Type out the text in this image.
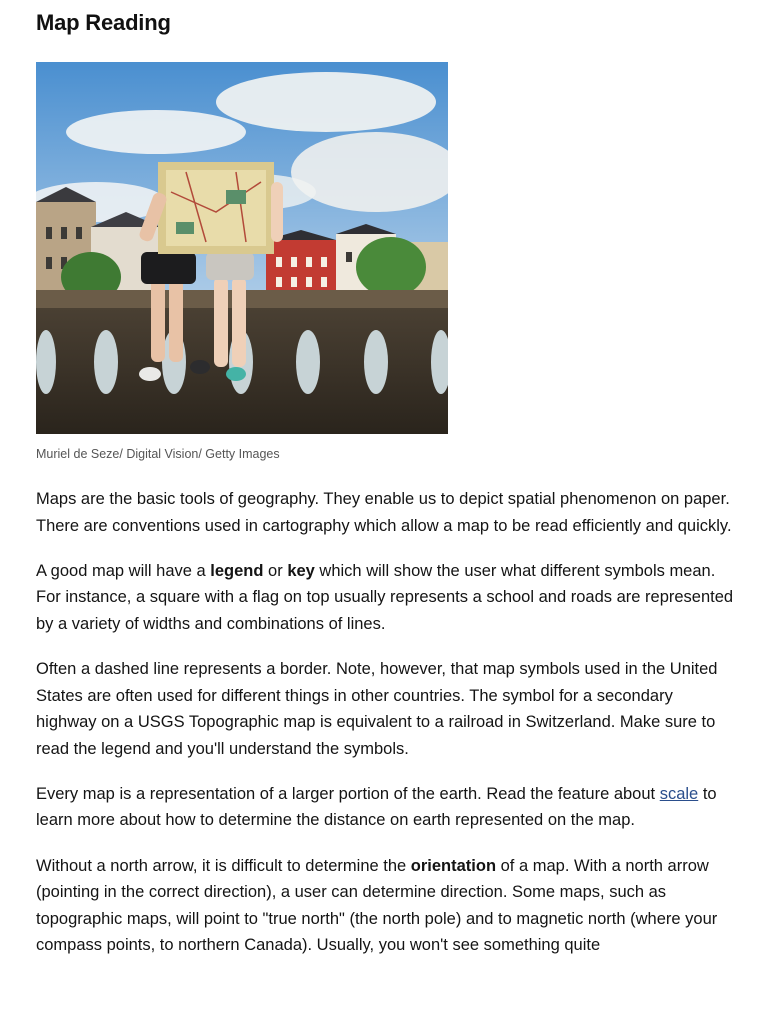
Map Reading
Muriel de Seze/ Digital Vision/ Getty Images

Maps are the basic tools of geography. They enable us to depict spatial phenomenon on paper. There are conventions used in cartography which allow a map to be read efficiently and quickly.

A good map will have a legend or key which will show the user what different symbols mean. For instance, a square with a flag on top usually represents a school and roads are represented by a variety of widths and combinations of lines.

Often a dashed line represents a border. Note, however, that map symbols used in the United States are often used for different things in other countries. The symbol for a secondary highway on a USGS Topographic map is equivalent to a railroad in Switzerland. Make sure to read the legend and you'll understand the symbols.

Every map is a representation of a larger portion of the earth. Read the feature about scale to learn more about how to determine the distance on earth represented on the map.

Without a north arrow, it is difficult to determine the orientation of a map. With a north arrow (pointing in the correct direction), a user can determine direction. Some maps, such as topographic maps, will point to "true north" (the north pole) and to magnetic north (where your compass points, to northern Canada). Usually, you won't see something quite
